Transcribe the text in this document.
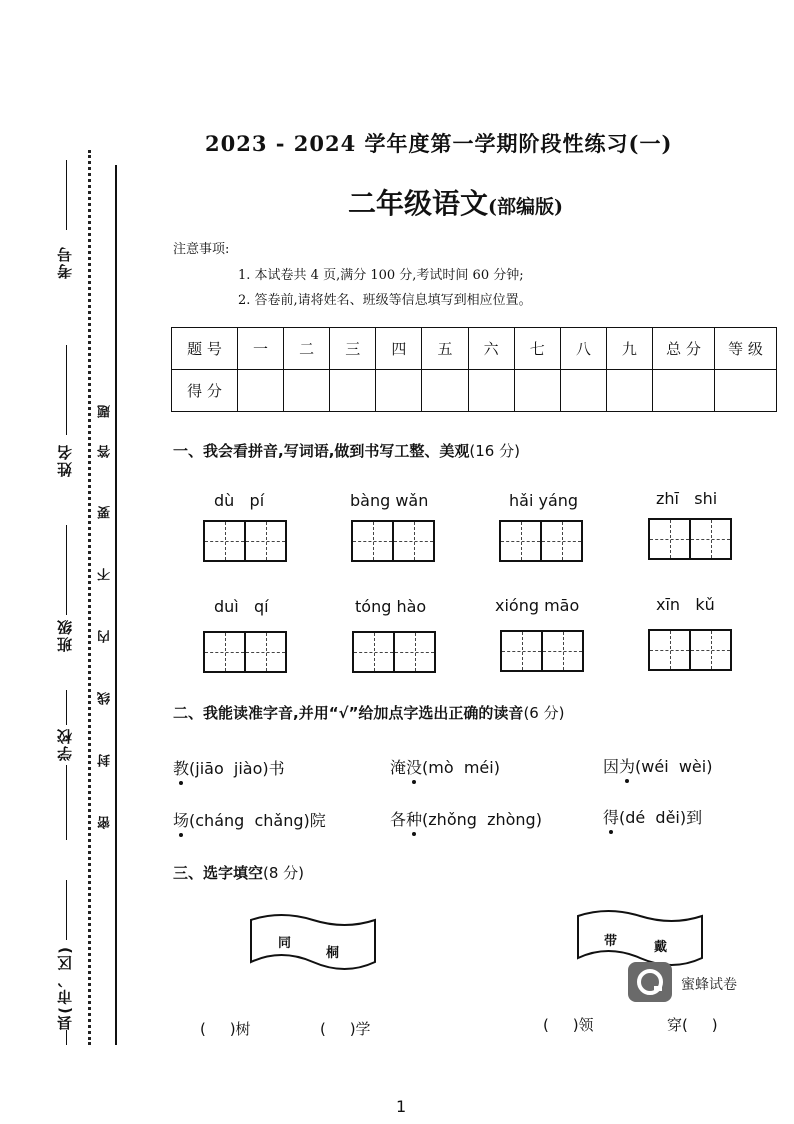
考号
姓名
班级
学校
县(市、区)
题
答
要
不
内
线
封
密
2023 - 2024 学年度第一学期阶段性练习(一)
二年级语文(部编版)
注意事项:
1. 本试卷共 4 页,满分 100 分,考试时间 60 分钟;
2. 答卷前,请将姓名、班级等信息填写到相应位置。
题 号	一	二	三	四	五	六	七	八	九	总 分	等 级
得 分											
一、我会看拼音,写词语,做到书写工整、美观(16 分)
dù   pí	bàng wǎn	hǎi yáng	zhī   shi
duì   qí	tóng hào	xióng māo	xīn   kǔ
二、我能读准字音,并用“√”给加点字选出正确的读音(6 分)
教(jiāo  jiào)书	淹没(mò  méi)	因为(wéi  wèi)
场(cháng  chǎng)院	各种(zhǒng  zhòng)	得(dé  děi)到
三、选字填空(8 分)
同
桐
带	戴
蜜蜂试卷
(     )树	(     )学	(     )领	穿(     )
1
